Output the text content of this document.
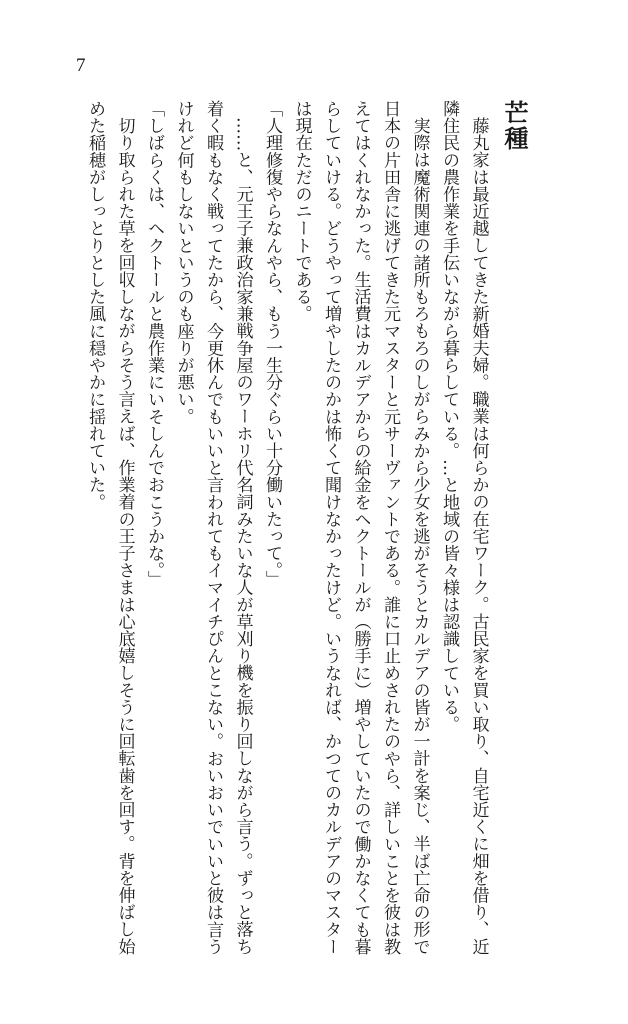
7
芒種

藤丸家は最近越してきた新婚夫婦。職業は何らかの在宅ワーク。古民家を買い取り、自宅近くに畑を借り、近隣住民の農作業を手伝いながら暮らしている。…と地域の皆々様は認識している。

実際は魔術関連の諸所もろもろのしがらみから少女を逃がそうとカルデアの皆が一計を案じ、半ば亡命の形で日本の片田舎に逃げてきた元マスターと元サーヴァントである。誰に口止めされたのやら、詳しいことを彼は教えてはくれなかった。生活費はカルデアからの給金をヘクトールが（勝手に）増やしていたので働かなくても暮らしていける。どうやって増やしたのかは怖くて聞けなかったけど。いうなれば、かつてのカルデアのマスターは現在ただのニートである。

「人理修復やらなんやら、もう一生分ぐらい十分働いたって。」

……と、元王子兼政治家兼戦争屋のワーホリ代名詞みたいな人が草刈り機を振り回しながら言う。ずっと落ち着く暇もなく戦ってたから、今更休んでもいいと言われてもイマイチぴんとこない。おいおいでいいと彼は言うけれど何もしないというのも座りが悪い。

「しばらくは、ヘクトールと農作業にいそしんでおこうかな。」

切り取られた草を回収しながらそう言えば、作業着の王子さまは心底嬉しそうに回転歯を回す。背を伸ばし始めた稲穂がしっとりとした風に穏やかに揺れていた。
